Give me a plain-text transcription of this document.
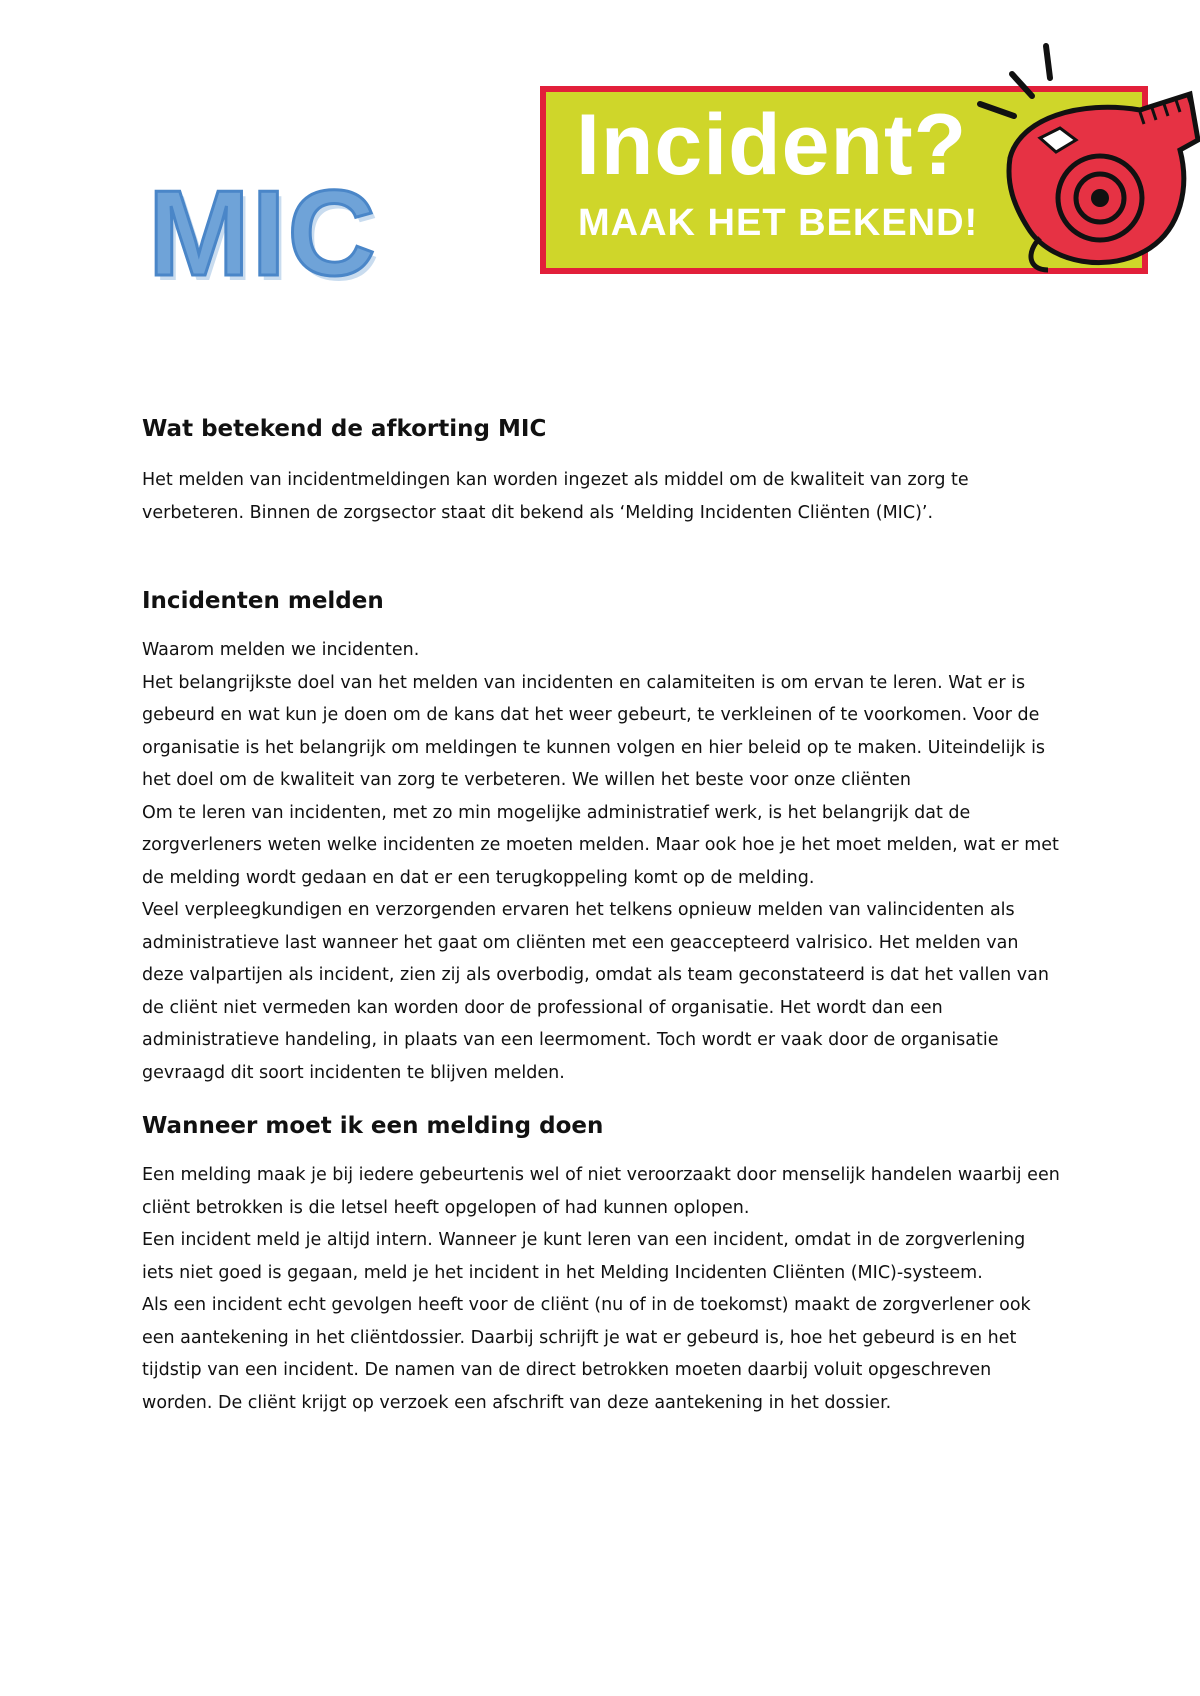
MIC
Incident?
MAAK HET BEKEND!
Wat betekend de afkorting MIC

Het melden van incidentmeldingen kan worden ingezet als middel om de kwaliteit van zorg te verbeteren. Binnen de zorgsector staat dit bekend als ‘Melding Incidenten Cliënten (MIC)’.

Incidenten melden

Waarom melden we incidenten.

Het belangrijkste doel van het melden van incidenten en calamiteiten is om ervan te leren. Wat er is gebeurd en wat kun je doen om de kans dat het weer gebeurt, te verkleinen of te voorkomen. Voor de organisatie is het belangrijk om meldingen te kunnen volgen en hier beleid op te maken. Uiteindelijk is het doel om de kwaliteit van zorg te verbeteren. We willen het beste voor onze cliënten

Om te leren van incidenten, met zo min mogelijke administratief werk, is het belangrijk dat de zorgverleners weten welke incidenten ze moeten melden. Maar ook hoe je het moet melden, wat er met de melding wordt gedaan en dat er een terugkoppeling komt op de melding.

Veel verpleegkundigen en verzorgenden ervaren het telkens opnieuw melden van valincidenten als administratieve last wanneer het gaat om cliënten met een geaccepteerd valrisico. Het melden van deze valpartijen als incident, zien zij als overbodig, omdat als team geconstateerd is dat het vallen van de cliënt niet vermeden kan worden door de professional of organisatie. Het wordt dan een administratieve handeling, in plaats van een leermoment. Toch wordt er vaak door de organisatie gevraagd dit soort incidenten te blijven melden.

Wanneer moet ik een melding doen

Een melding maak je bij iedere gebeurtenis wel of niet veroorzaakt door menselijk handelen waarbij een cliënt betrokken is die letsel heeft opgelopen of had kunnen oplopen.

Een incident meld je altijd intern. Wanneer je kunt leren van een incident, omdat in de zorgverlening iets niet goed is gegaan, meld je het incident in het Melding Incidenten Cliënten (MIC)-systeem.

Als een incident echt gevolgen heeft voor de cliënt (nu of in de toekomst) maakt de zorgverlener ook een aantekening in het cliëntdossier. Daarbij schrijft je wat er gebeurd is, hoe het gebeurd is en het tijdstip van een incident. De namen van de direct betrokken moeten daarbij voluit opgeschreven worden. De cliënt krijgt op verzoek een afschrift van deze aantekening in het dossier.
